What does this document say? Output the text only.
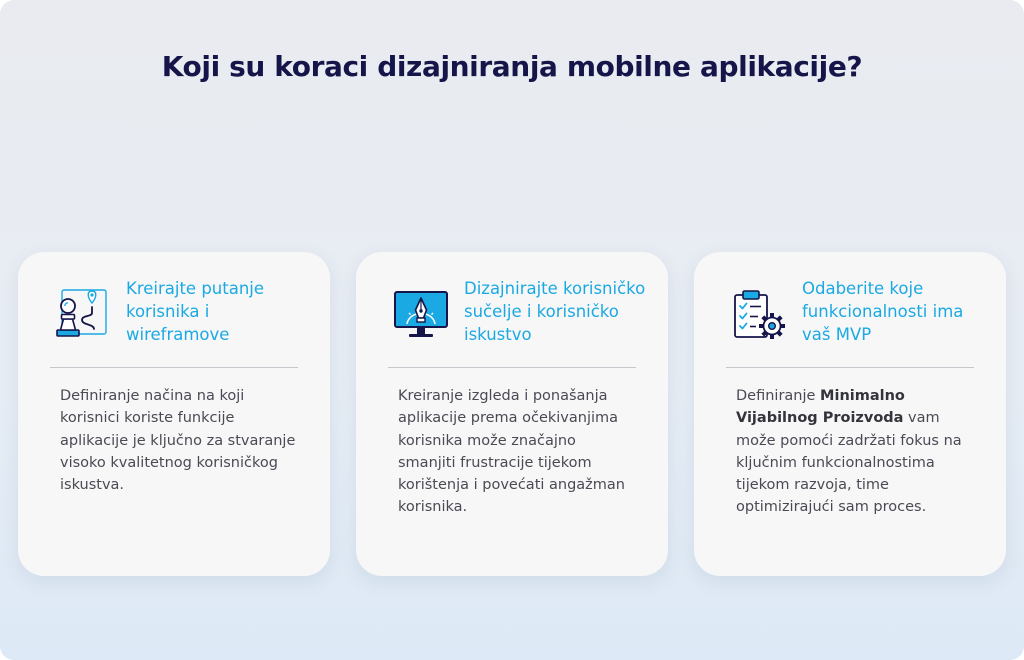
Koji su koraci dizajniranja mobilne aplikacije?
Kreirajte putanje korisnika i wireframove

Definiranje načina na koji korisnici koriste funkcije aplikacije je ključno za stvaranje visoko kvalitetnog korisničkog iskustva.

Dizajnirajte korisničko sučelje i korisničko iskustvo

Kreiranje izgleda i ponašanja aplikacije prema očekivanjima korisnika može značajno smanjiti frustracije tijekom korištenja i povećati angažman korisnika.

Odaberite koje funkcionalnosti ima vaš MVP

Definiranje Minimalno Vijabilnog Proizvoda vam može pomoći zadržati fokus na ključnim funkcionalnostima tijekom razvoja, time optimizirajući sam proces.
